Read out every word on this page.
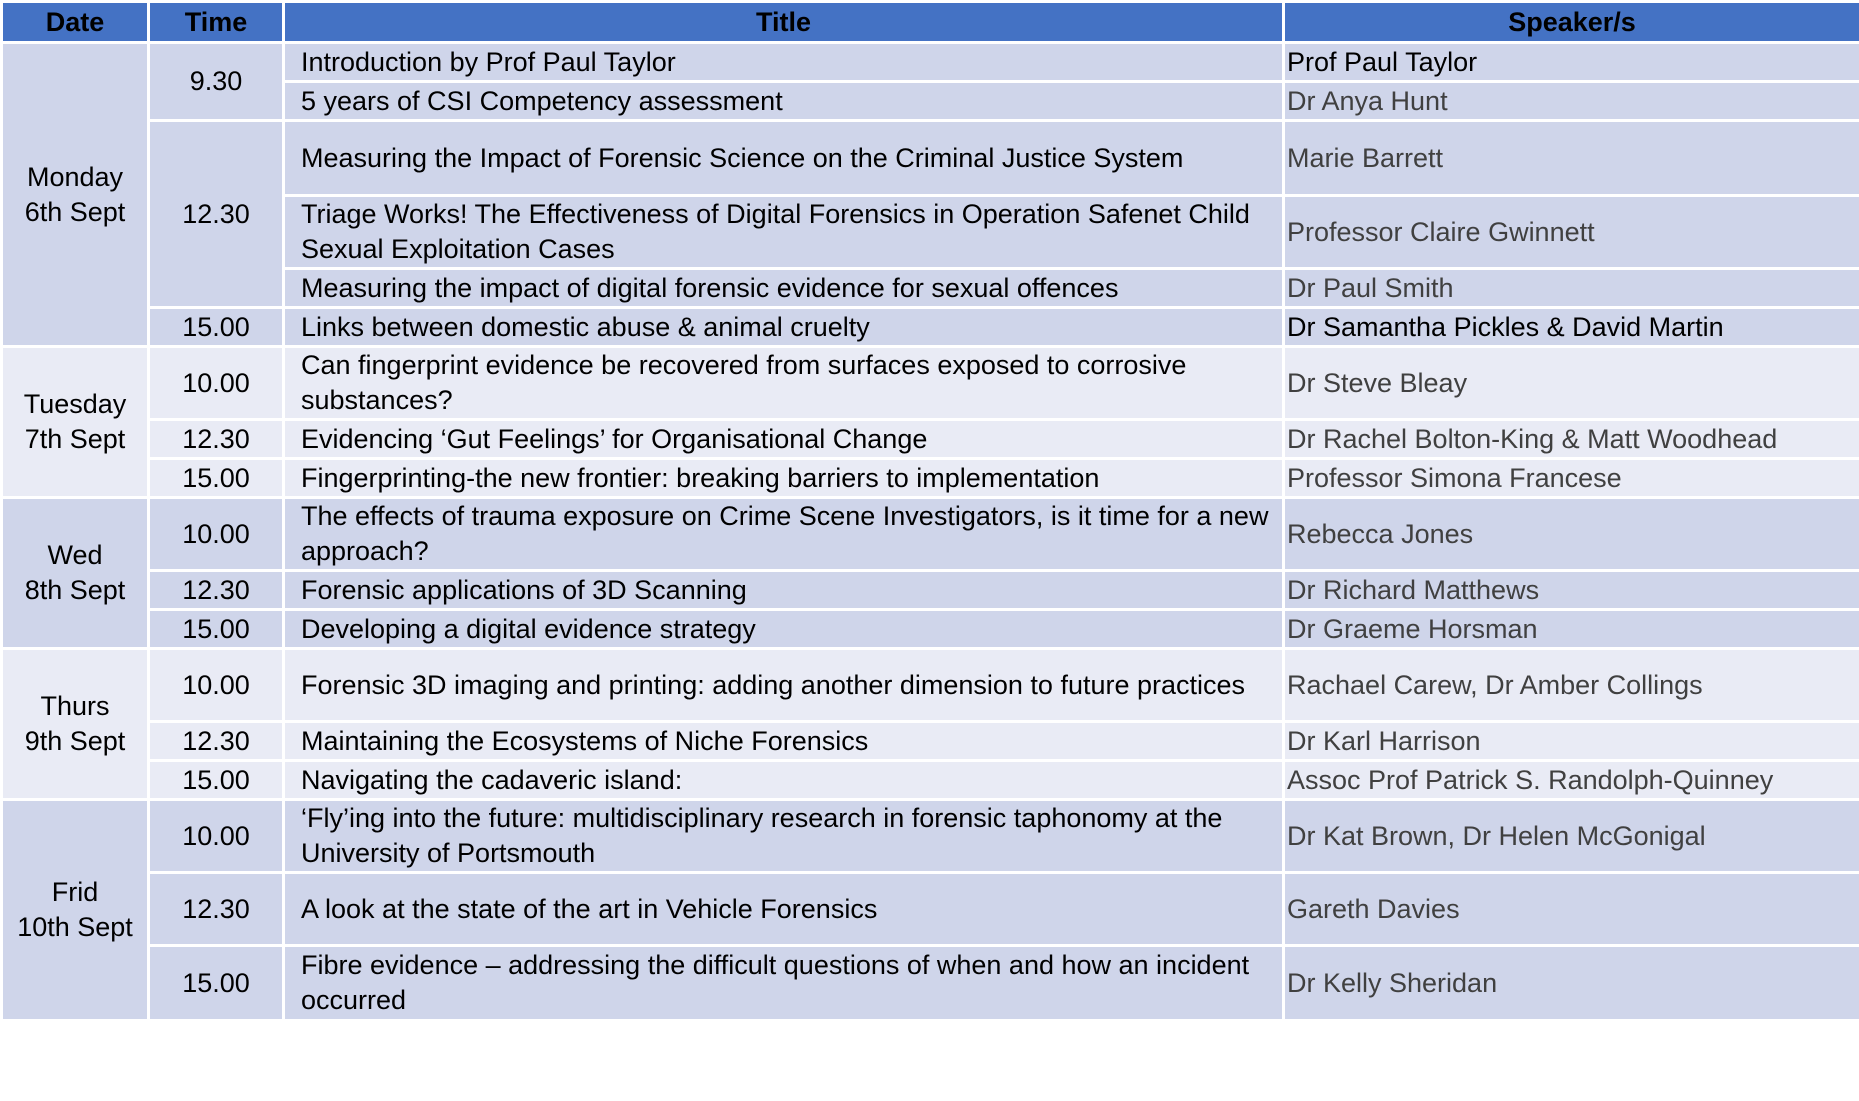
Date	Time	Title	Speaker/s

Monday
6th Sept	9.30	Introduction by Prof Paul Taylor	Prof Paul Taylor
		5 years of CSI Competency assessment	Dr Anya Hunt
	12.30	Measuring the Impact of Forensic Science on the Criminal Justice System	Marie Barrett
		Triage Works! The Effectiveness of Digital Forensics in Operation Safenet Child Sexual Exploitation Cases	Professor Claire Gwinnett
		Measuring the impact of digital forensic evidence for sexual offences	Dr Paul Smith
	15.00	Links between domestic abuse & animal cruelty	Dr Samantha Pickles & David Martin

Tuesday
7th Sept	10.00	Can fingerprint evidence be recovered from surfaces exposed to corrosive substances?	Dr Steve Bleay
	12.30	Evidencing ‘Gut Feelings’ for Organisational Change	Dr Rachel Bolton-King & Matt Woodhead
	15.00	Fingerprinting-the new frontier: breaking barriers to implementation	Professor Simona Francese

Wed
8th Sept	10.00	The effects of trauma exposure on Crime Scene Investigators, is it time for a new approach?	Rebecca Jones
	12.30	Forensic applications of 3D Scanning	Dr Richard Matthews
	15.00	Developing a digital evidence strategy	Dr Graeme Horsman

Thurs
9th Sept	10.00	Forensic 3D imaging and printing: adding another dimension to future practices	Rachael Carew, Dr Amber Collings
	12.30	Maintaining the Ecosystems of Niche Forensics	Dr Karl Harrison
	15.00	Navigating the cadaveric island:	Assoc Prof Patrick S. Randolph-Quinney

Frid
10th Sept	10.00	‘Fly’ing into the future: multidisciplinary research in forensic taphonomy at the University of Portsmouth	Dr Kat Brown, Dr Helen McGonigal
	12.30	A look at the state of the art in Vehicle Forensics	Gareth Davies
	15.00	Fibre evidence – addressing the difficult questions of when and how an incident occurred	Dr Kelly Sheridan
